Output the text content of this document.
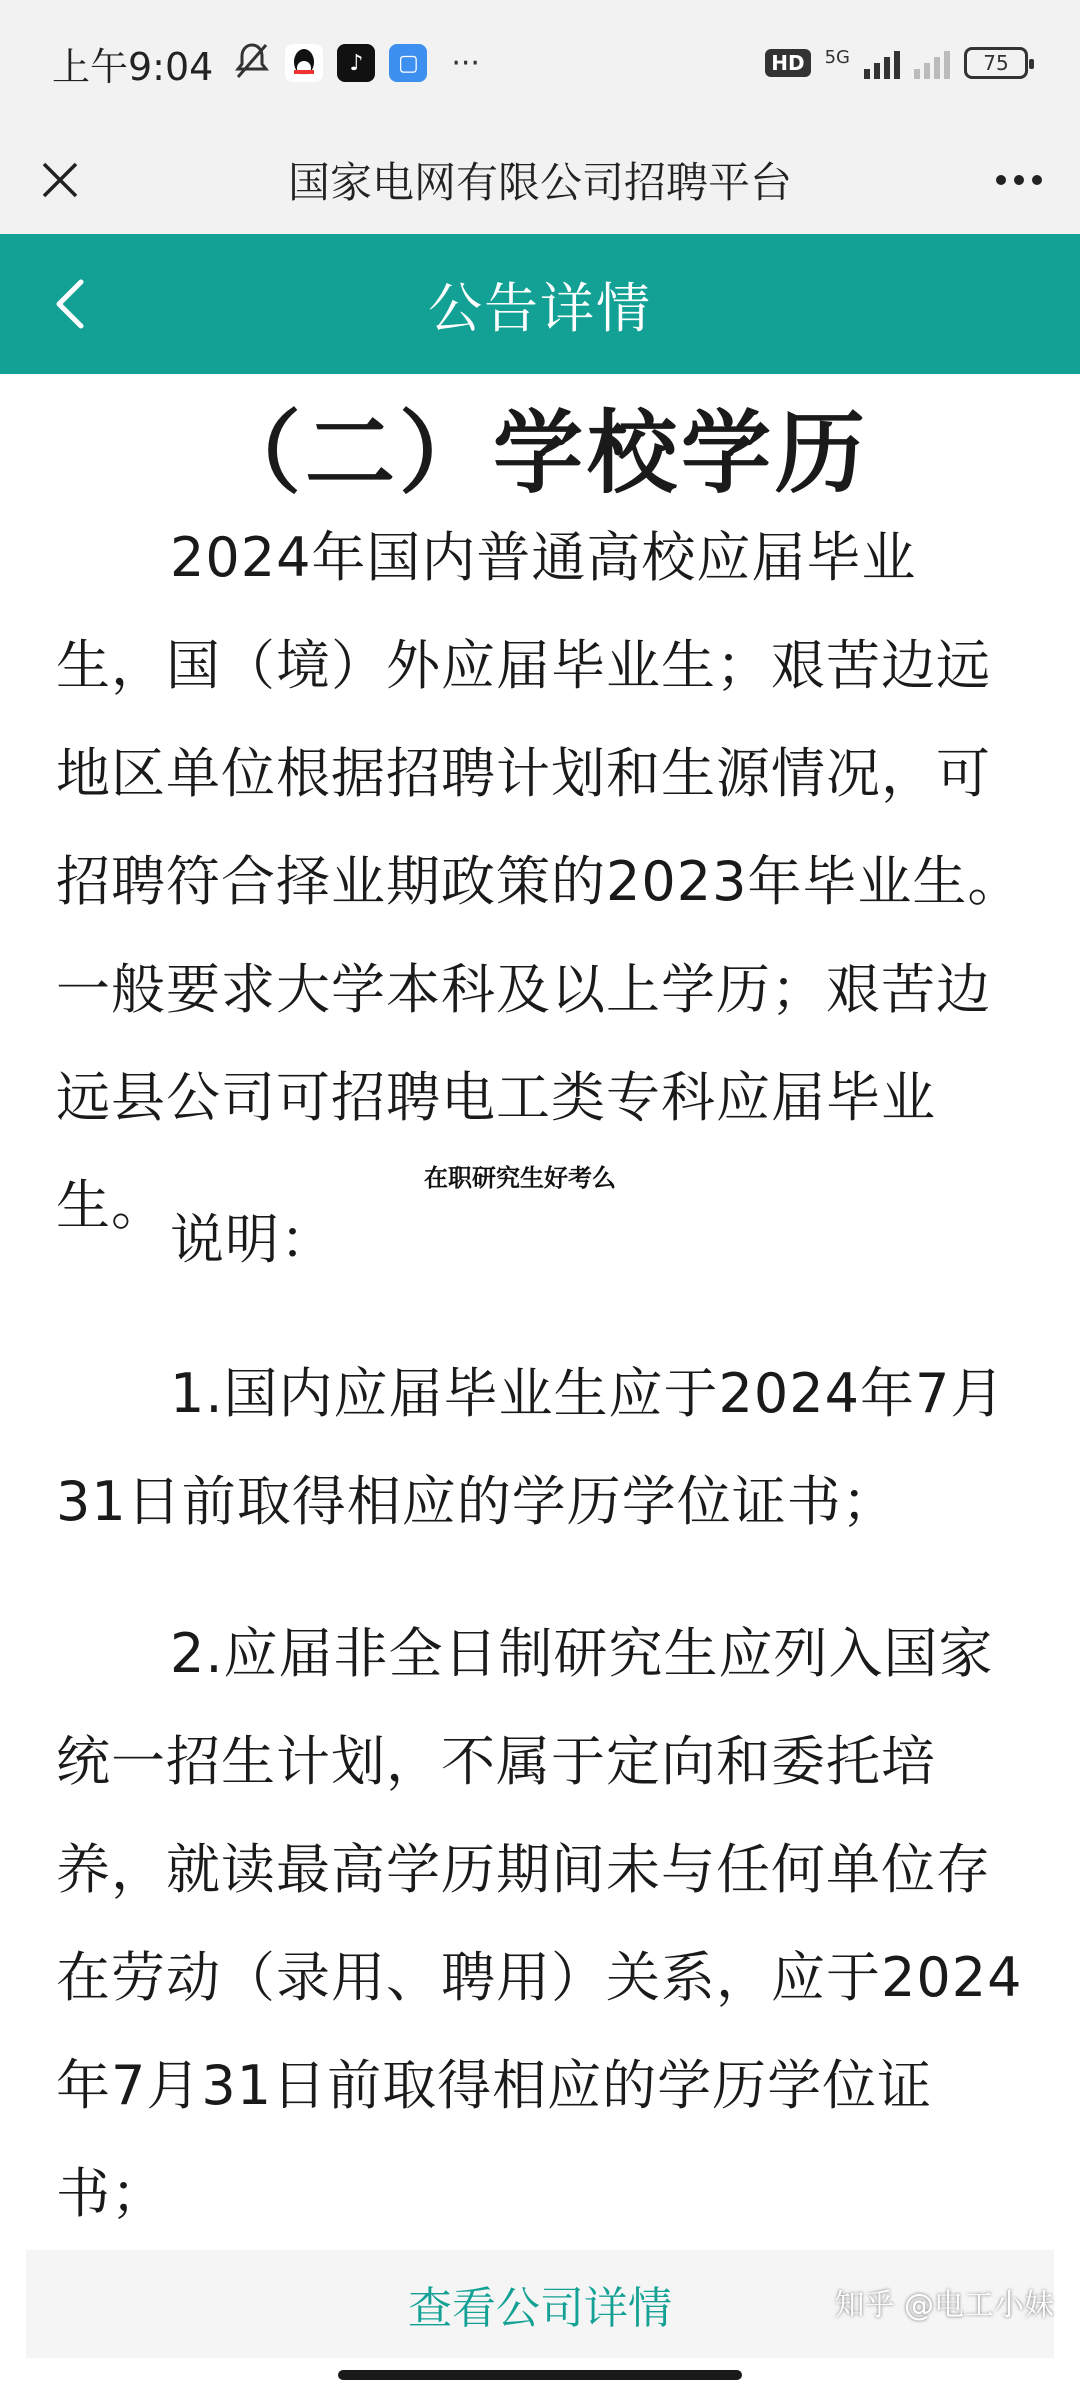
上午9:04	♪	▢ ···	HD	5G	75
国家电网有限公司招聘平台
公告详情
（二）学校学历
2024年国内普通高校应届毕业生，国（境）外应届毕业生；艰苦边远地区单位根据招聘计划和生源情况，可招聘符合择业期政策的2023年毕业生。一般要求大学本科及以上学历；艰苦边远县公司可招聘电工类专科应届毕业生。	在职研究生好考么
说明：
1.国内应届毕业生应于2024年7月31日前取得相应的学历学位证书；
2.应届非全日制研究生应列入国家统一招生计划，不属于定向和委托培养，就读最高学历期间未与任何单位存在劳动（录用、聘用）关系，应于2024年7月31日前取得相应的学历学位证书；
查看公司详情	知乎 @电工小妹
